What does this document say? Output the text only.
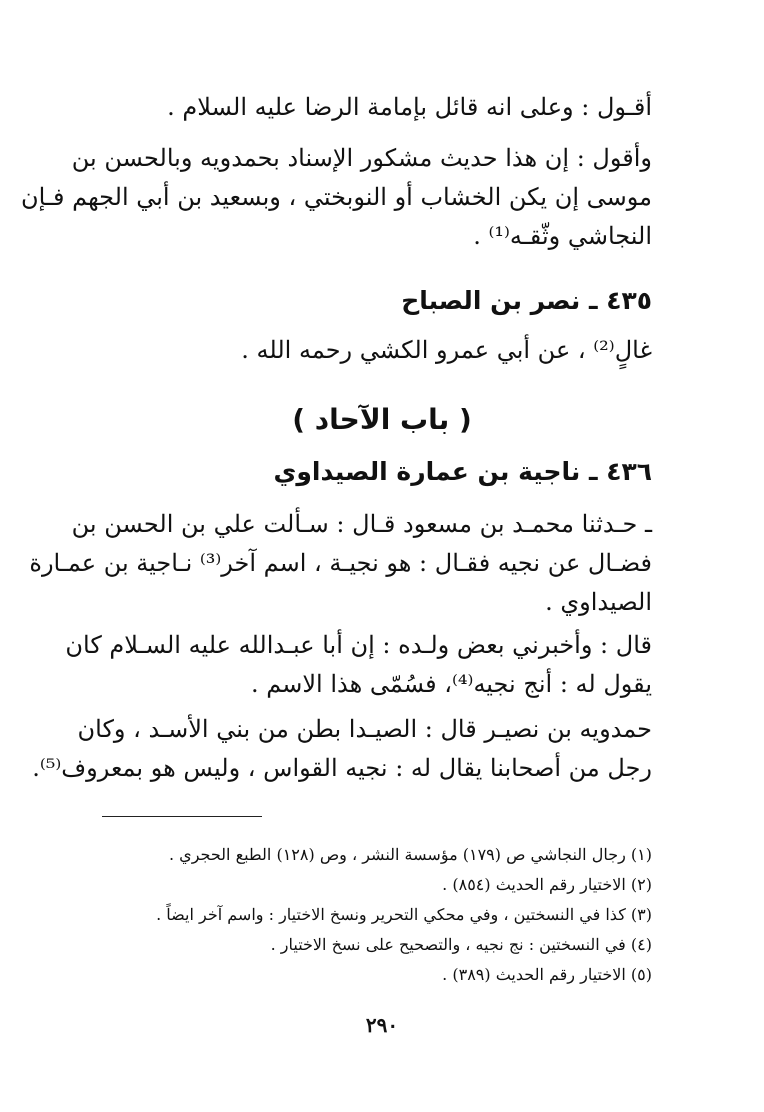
أقـول : وعلى انه قائل بإمامة الرضا عليه السلام .
وأقول : إن هذا حديث مشكور الإسناد بحمدويه وبالحسن بن
موسى إن يكن الخشاب أو النوبختي ، وبسعيد بن أبي الجهم فـإن
النجاشي وثّقـه⁽¹⁾ .
٤٣٥ ـ نصر بن الصباح
غالٍ⁽²⁾ ، عن أبي عمرو الكشي رحمه الله .
( باب الآحاد )
٤٣٦ ـ ناجية بن عمارة الصيداوي
ـ حـدثنا محمـد بن مسعود قـال : سـألت علي بن الحسن بن
فضـال عن نجيه فقـال : هو نجيـة ، اسم آخر⁽³⁾ نـاجية بن عمـارة
الصيداوي .
قال : وأخبرني بعض ولـده : إن أبا عبـدالله عليه السـلام كان
يقول له : أنج نجيه⁽⁴⁾، فسُمّى هذا الاسم .
حمدويه بن نصيـر قال : الصيـدا بطن من بني الأسـد ، وكان
رجل من أصحابنا يقال له : نجيه القواس ، وليس هو بمعروف⁽⁵⁾.
(١) رجال النجاشي ص (١٧٩) مؤسسة النشر ، وص (١٢٨) الطبع الحجري .
(٢) الاختيار رقم الحديث (٨٥٤) .
(٣) كذا في النسختين ، وفي محكي التحرير ونسخ الاختيار : واسم آخر ايضاً .
(٤) في النسختين : نج نجيه ، والتصحيح على نسخ الاختيار .
(٥) الاختيار رقم الحديث (٣٨٩) .
٢٩٠
